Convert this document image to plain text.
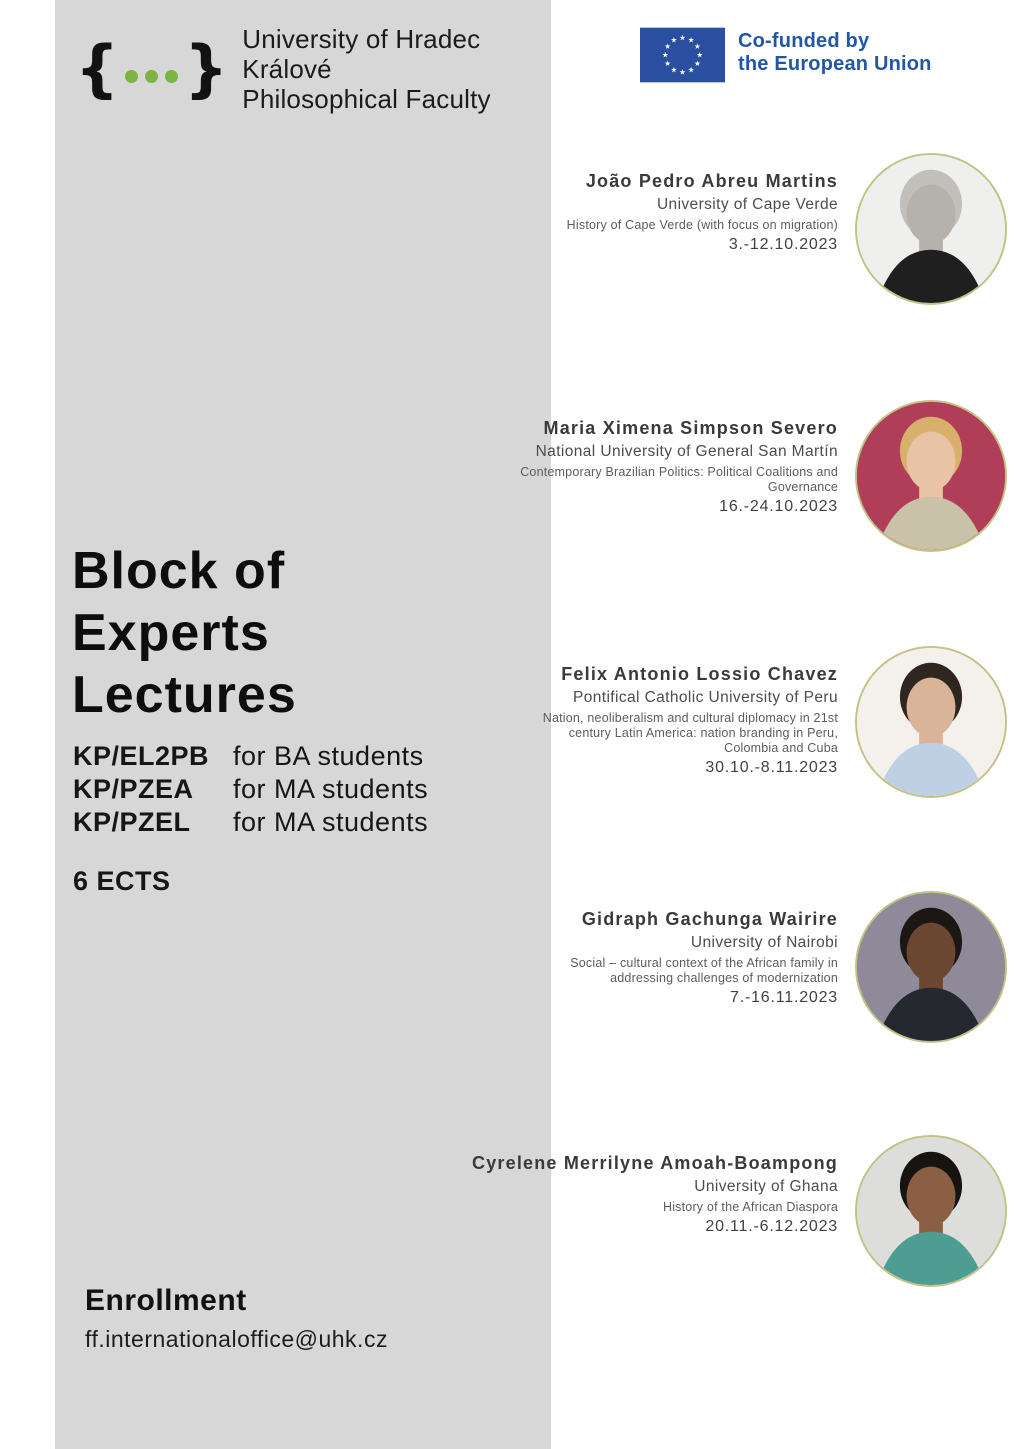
{ } University of Hradec Králové
Philosophical Faculty
Block of
Experts
Lectures
KP/EL2PB for BA students
KP/PZEA	for MA students
KP/PZEL	for MA students
6 ECTS
Enrollment
ff.internationaloffice@uhk.cz
Co-funded by
the European Union
João Pedro Abreu Martins
University of Cape Verde
History of Cape Verde (with focus on migration)
3.-12.10.2023
Maria Ximena Simpson Severo
National University of General San Martín
Contemporary Brazilian Politics: Political Coalitions and Governance
16.-24.10.2023
Felix Antonio Lossio Chavez
Pontifical Catholic University of Peru
Nation, neoliberalism and cultural diplomacy in 21st century Latin America: nation branding in Peru, Colombia and Cuba
30.10.-8.11.2023
Gidraph Gachunga Wairire
University of Nairobi
Social – cultural context of the African family in addressing challenges of modernization
7.-16.11.2023
Cyrelene Merrilyne Amoah-Boampong
University of Ghana
History of the African Diaspora
20.11.-6.12.2023
